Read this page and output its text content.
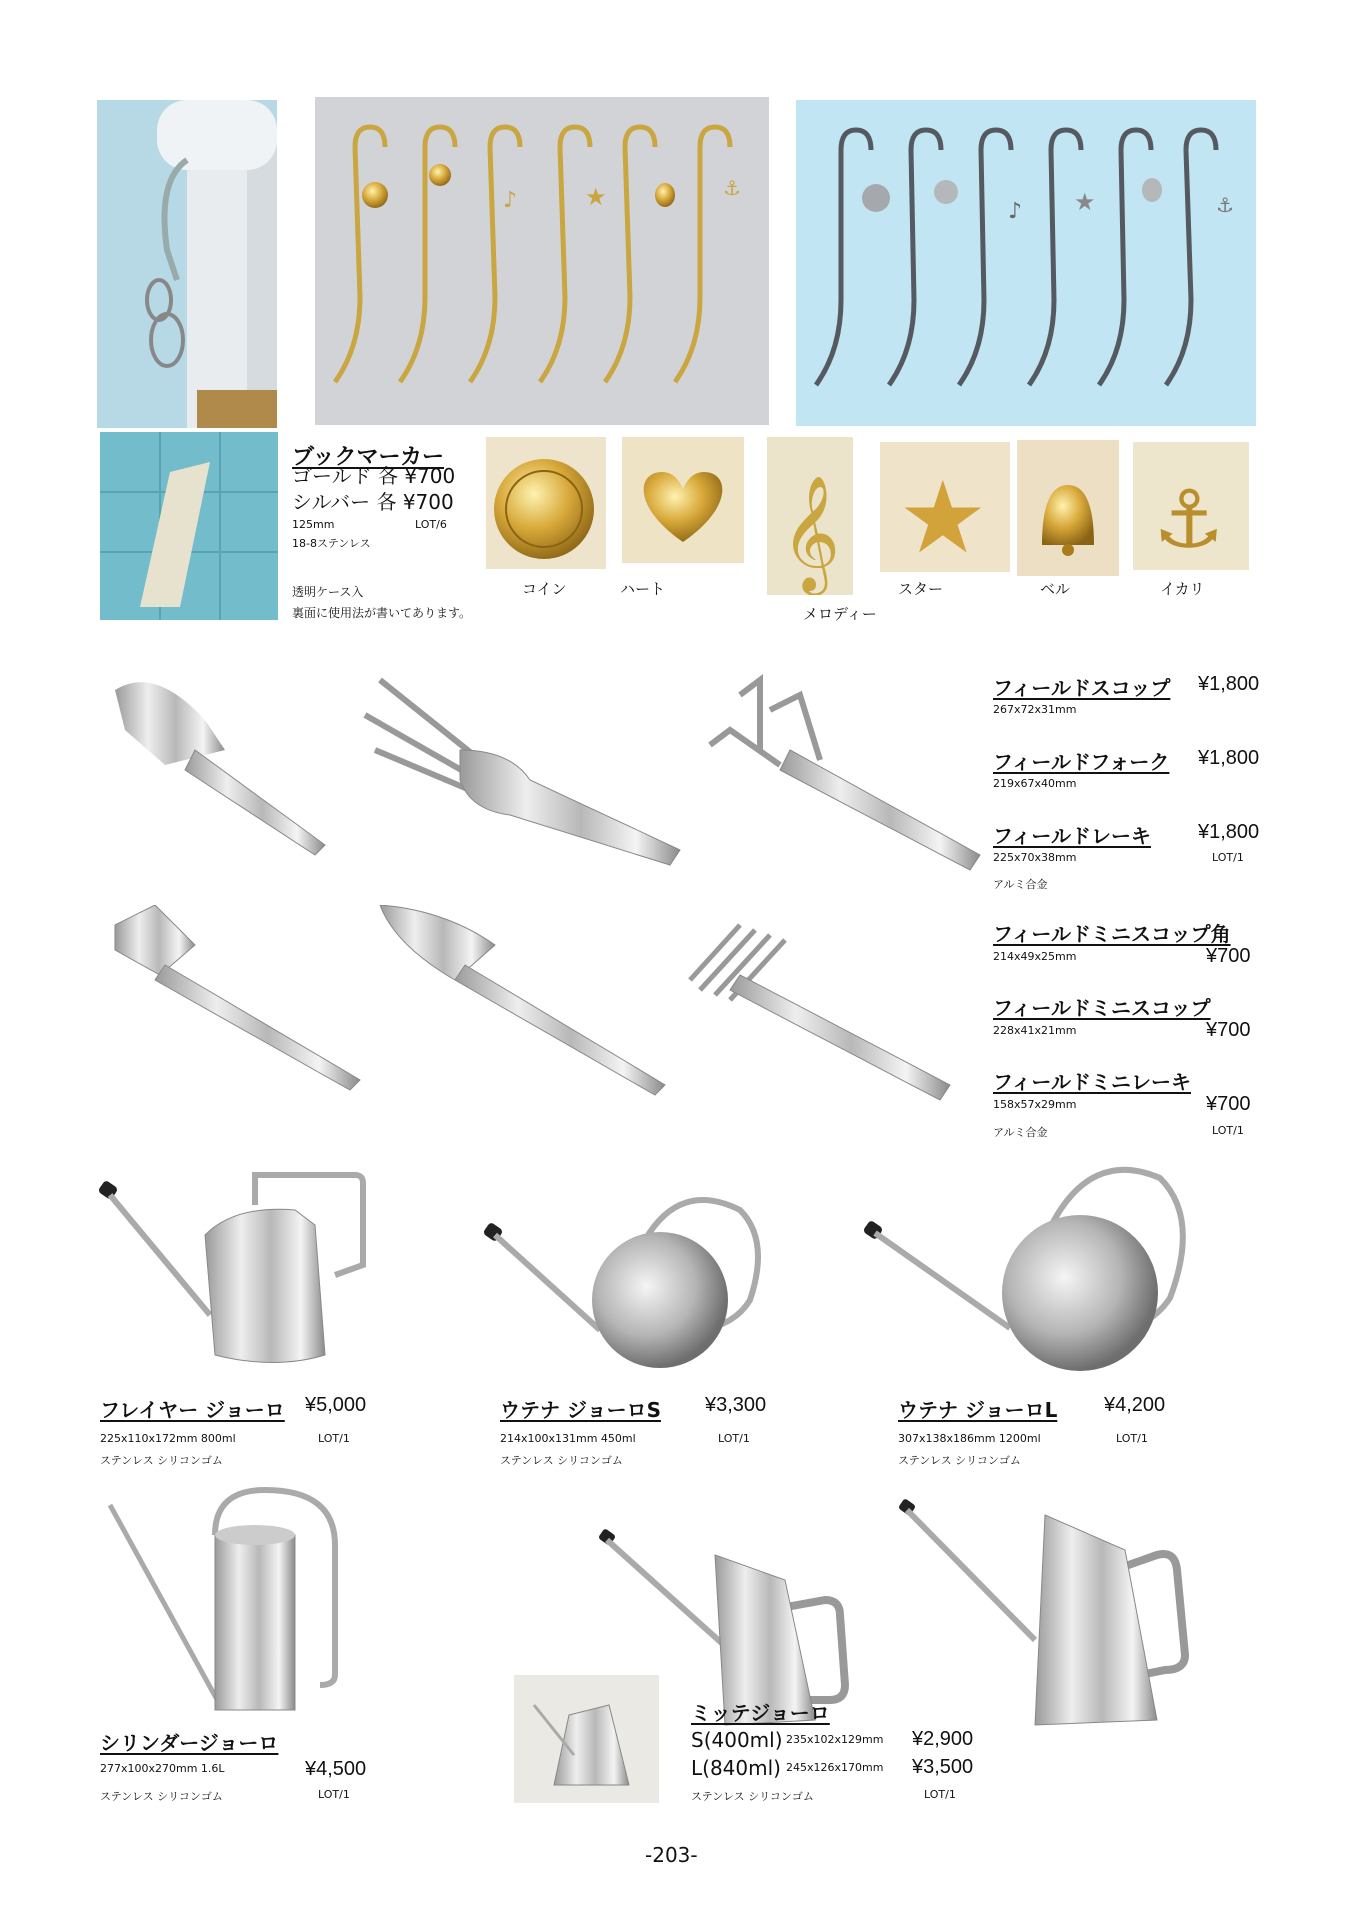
♪	★	⚓
♪ ★	⚓
ブックマーカー
ゴールド 各 ¥700
シルバー 各 ¥700
125mm	LOT/6
18-8ステンレス
透明ケース入
裏面に使用法が書いてあります。
𝄞 ★ ⚓
コイン	ハート
メロディー
スター	ベル	イカリ
フィールドスコップ ¥1,800
267x72x31mm
フィールドフォーク ¥1,800
219x67x40mm
フィールドレーキ ¥1,800
225x70x38mm	LOT/1
アルミ合金
フィールドミニスコップ角
214x49x25mm	¥700
フィールドミニスコップ
228x41x21mm	¥700
フィールドミニレーキ
158x57x29mm	¥700
アルミ合金	LOT/1
フレイヤー ジョーロ ¥5,000
225x110x172mm 800ml	LOT/1
ステンレス シリコンゴム
ウテナ ジョーロS ¥3,300
214x100x131mm 450ml	LOT/1
ステンレス シリコンゴム
ウテナ ジョーロL ¥4,200
307x138x186mm 1200ml	LOT/1
ステンレス シリコンゴム
シリンダージョーロ
277x100x270mm 1.6L	¥4,500
ステンレス シリコンゴム	LOT/1
ミッテジョーロ
S(400ml) 235x102x129mm ¥2,900
L(840ml) 245x126x170mm ¥3,500
ステンレス シリコンゴム	LOT/1
-203-
